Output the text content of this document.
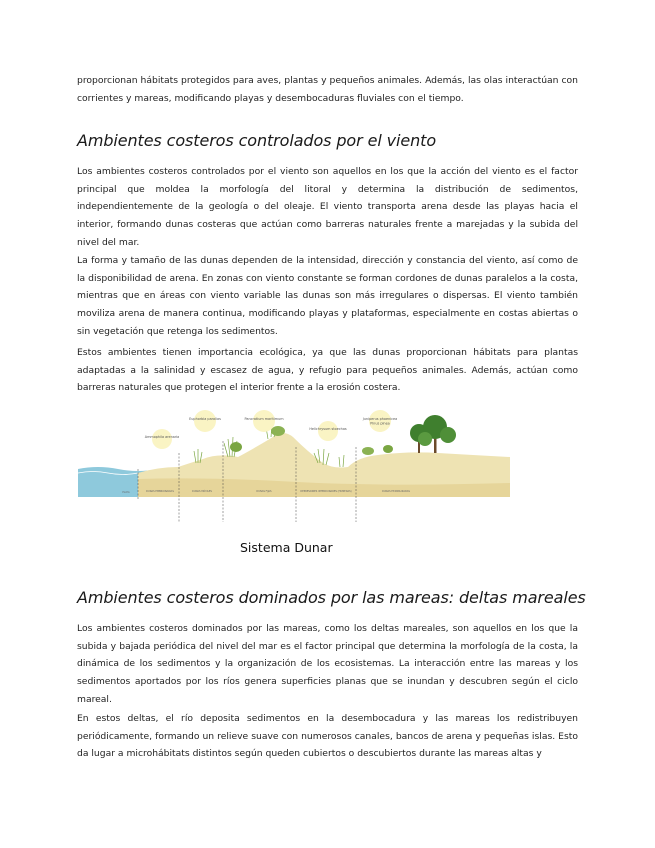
proporcionan hábitats protegidos para aves, plantas y pequeños animales. Además, las olas interactúan con corrientes y mareas, modificando playas y desembocaduras fluviales con el tiempo.

Ambientes costeros controlados por el viento

Los ambientes costeros controlados por el viento son aquellos en los que la acción del viento es el factor principal que moldea la morfología del litoral y determina la distribución de sedimentos, independientemente de la geología o del oleaje. El viento transporta arena desde las playas hacia el interior, formando dunas costeras que actúan como barreras naturales frente a marejadas y la subida del nivel del mar.

La forma y tamaño de las dunas dependen de la intensidad, dirección y constancia del viento, así como de la disponibilidad de arena. En zonas con viento constante se forman cordones de dunas paralelos a la costa, mientras que en áreas con viento variable las dunas son más irregulares o dispersas. El viento también moviliza arena de manera continua, modificando playas y plataformas, especialmente en costas abiertas o sin vegetación que retenga los sedimentos.

Estos ambientes tienen importancia ecológica, ya que las dunas proporcionan hábitats para plantas adaptadas a la salinidad y escasez de agua, y refugio para pequeños animales. Además, actúan como barreras naturales que protegen el interior frente a la erosión costera.

Ammophila arenaria
Euphorbia paralias	Pancratium maritimum
Helichrysum stoechas
Juniperus phoenicea
Pinus pinea
PLAYA	DUNAS EMBRIONARIAS	DUNAS MÓVILES	DUNAS FIJAS	DEPRESIONES INTERDUNARES (HUMEDAS)	DUNAS ESTABILIZADAS
Sistema Dunar
Ambientes costeros dominados por las mareas: deltas mareales

Los ambientes costeros dominados por las mareas, como los deltas mareales, son aquellos en los que la subida y bajada periódica del nivel del mar es el factor principal que determina la morfología de la costa, la dinámica de los sedimentos y la organización de los ecosistemas. La interacción entre las mareas y los sedimentos aportados por los ríos genera superficies planas que se inundan y descubren según el ciclo mareal.

En estos deltas, el río deposita sedimentos en la desembocadura y las mareas los redistribuyen periódicamente, formando un relieve suave con numerosos canales, bancos de arena y pequeñas islas. Esto da lugar a microhábitats distintos según queden cubiertos o descubiertos durante las mareas altas y
